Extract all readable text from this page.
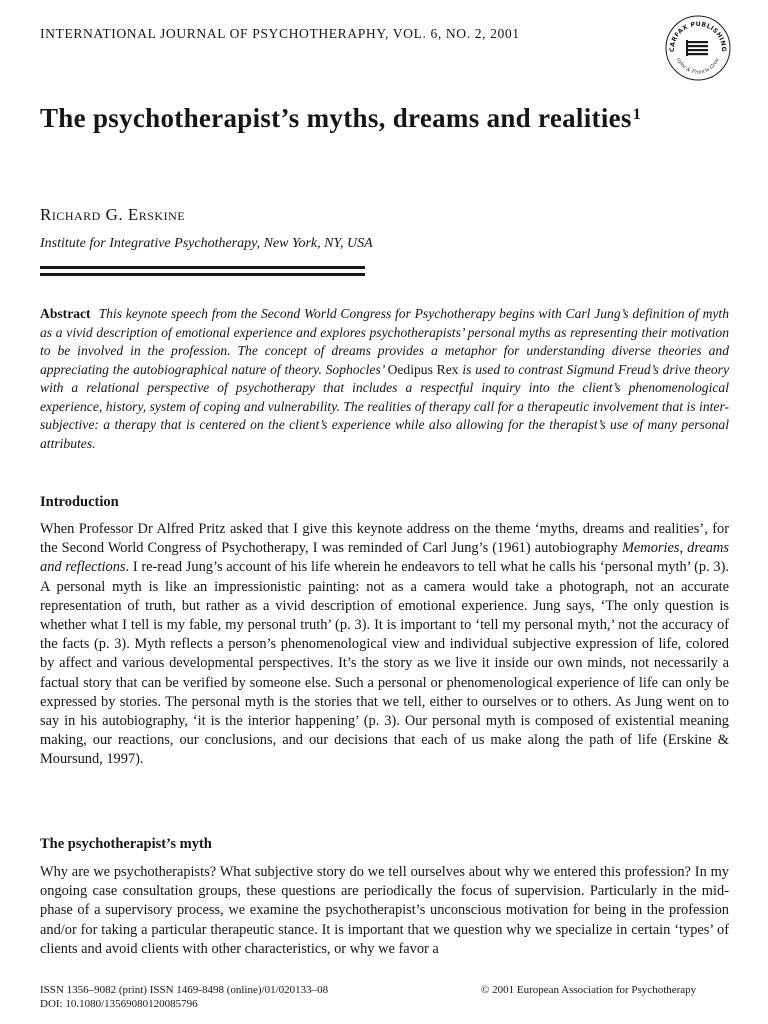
INTERNATIONAL JOURNAL OF PSYCHOTHERAPHY, VOL. 6, NO. 2, 2001
CARFAX PUBLISHING
aylor & Francis Grou
The psychotherapist’s myths, dreams and realities$^1$
Richard G. Erskine
Institute for Integrative Psychotherapy, New York, NY, USA

Abstract This keynote speech from the Second World Congress for Psychotherapy begins with Carl Jung’s definition of myth as a vivid description of emotional experience and explores psychotherapists’ personal myths as representing their motivation to be involved in the profession. The concept of dreams provides a metaphor for understanding diverse theories and appreciating the autobiographical nature of theory. Sophocles’ Oedipus Rex is used to contrast Sigmund Freud’s drive theory with a relational perspective of psychotherapy that includes a respectful inquiry into the client’s phenomenological experience, history, system of coping and vulnerability. The realities of therapy call for a therapeutic involvement that is inter-subjective: a therapy that is centered on the client’s experience while also allowing for the therapist’s use of many personal attributes.

Introduction

When Professor Dr Alfred Pritz asked that I give this keynote address on the theme ‘myths, dreams and realities’, for the Second World Congress of Psychotherapy, I was reminded of Carl Jung’s (1961) autobiography Memories, dreams and reflections. I re-read Jung’s account of his life wherein he endeavors to tell what he calls his ‘personal myth’ (p. 3). A personal myth is like an impressionistic painting: not as a camera would take a photograph, not an accurate representation of truth, but rather as a vivid description of emotional experience. Jung says, ‘The only question is whether what I tell is my fable, my personal truth’ (p. 3). It is important to ‘tell my personal myth,’ not the accuracy of the facts (p. 3). Myth reflects a person’s phenomenological view and individual subjective expression of life, colored by affect and various developmental perspectives. It’s the story as we live it inside our own minds, not necessarily a factual story that can be verified by someone else. Such a personal or phenomenological experience of life can only be expressed by stories. The personal myth is the stories that we tell, either to ourselves or to others. As Jung went on to say in his autobiography, ‘it is the interior happening’ (p. 3). Our personal myth is composed of existential meaning making, our reactions, our conclusions, and our decisions that each of us make along the path of life (Erskine & Moursund, 1997).

The psychotherapist’s myth

Why are we psychotherapists? What subjective story do we tell ourselves about why we entered this profession? In my ongoing case consultation groups, these questions are periodically the focus of supervision. Particularly in the mid-phase of a supervisory process, we examine the psychotherapist’s unconscious motivation for being in the profession and/or for taking a particular therapeutic stance. It is important that we question why we specialize in certain ‘types’ of clients and avoid clients with other characteristics, or why we favor a

ISSN 1356–9082 (print) ISSN 1469-8498 (online)/01/020133–08	© 2001 European Association for Psychotherapy
DOI: 10.1080/13569080120085796
